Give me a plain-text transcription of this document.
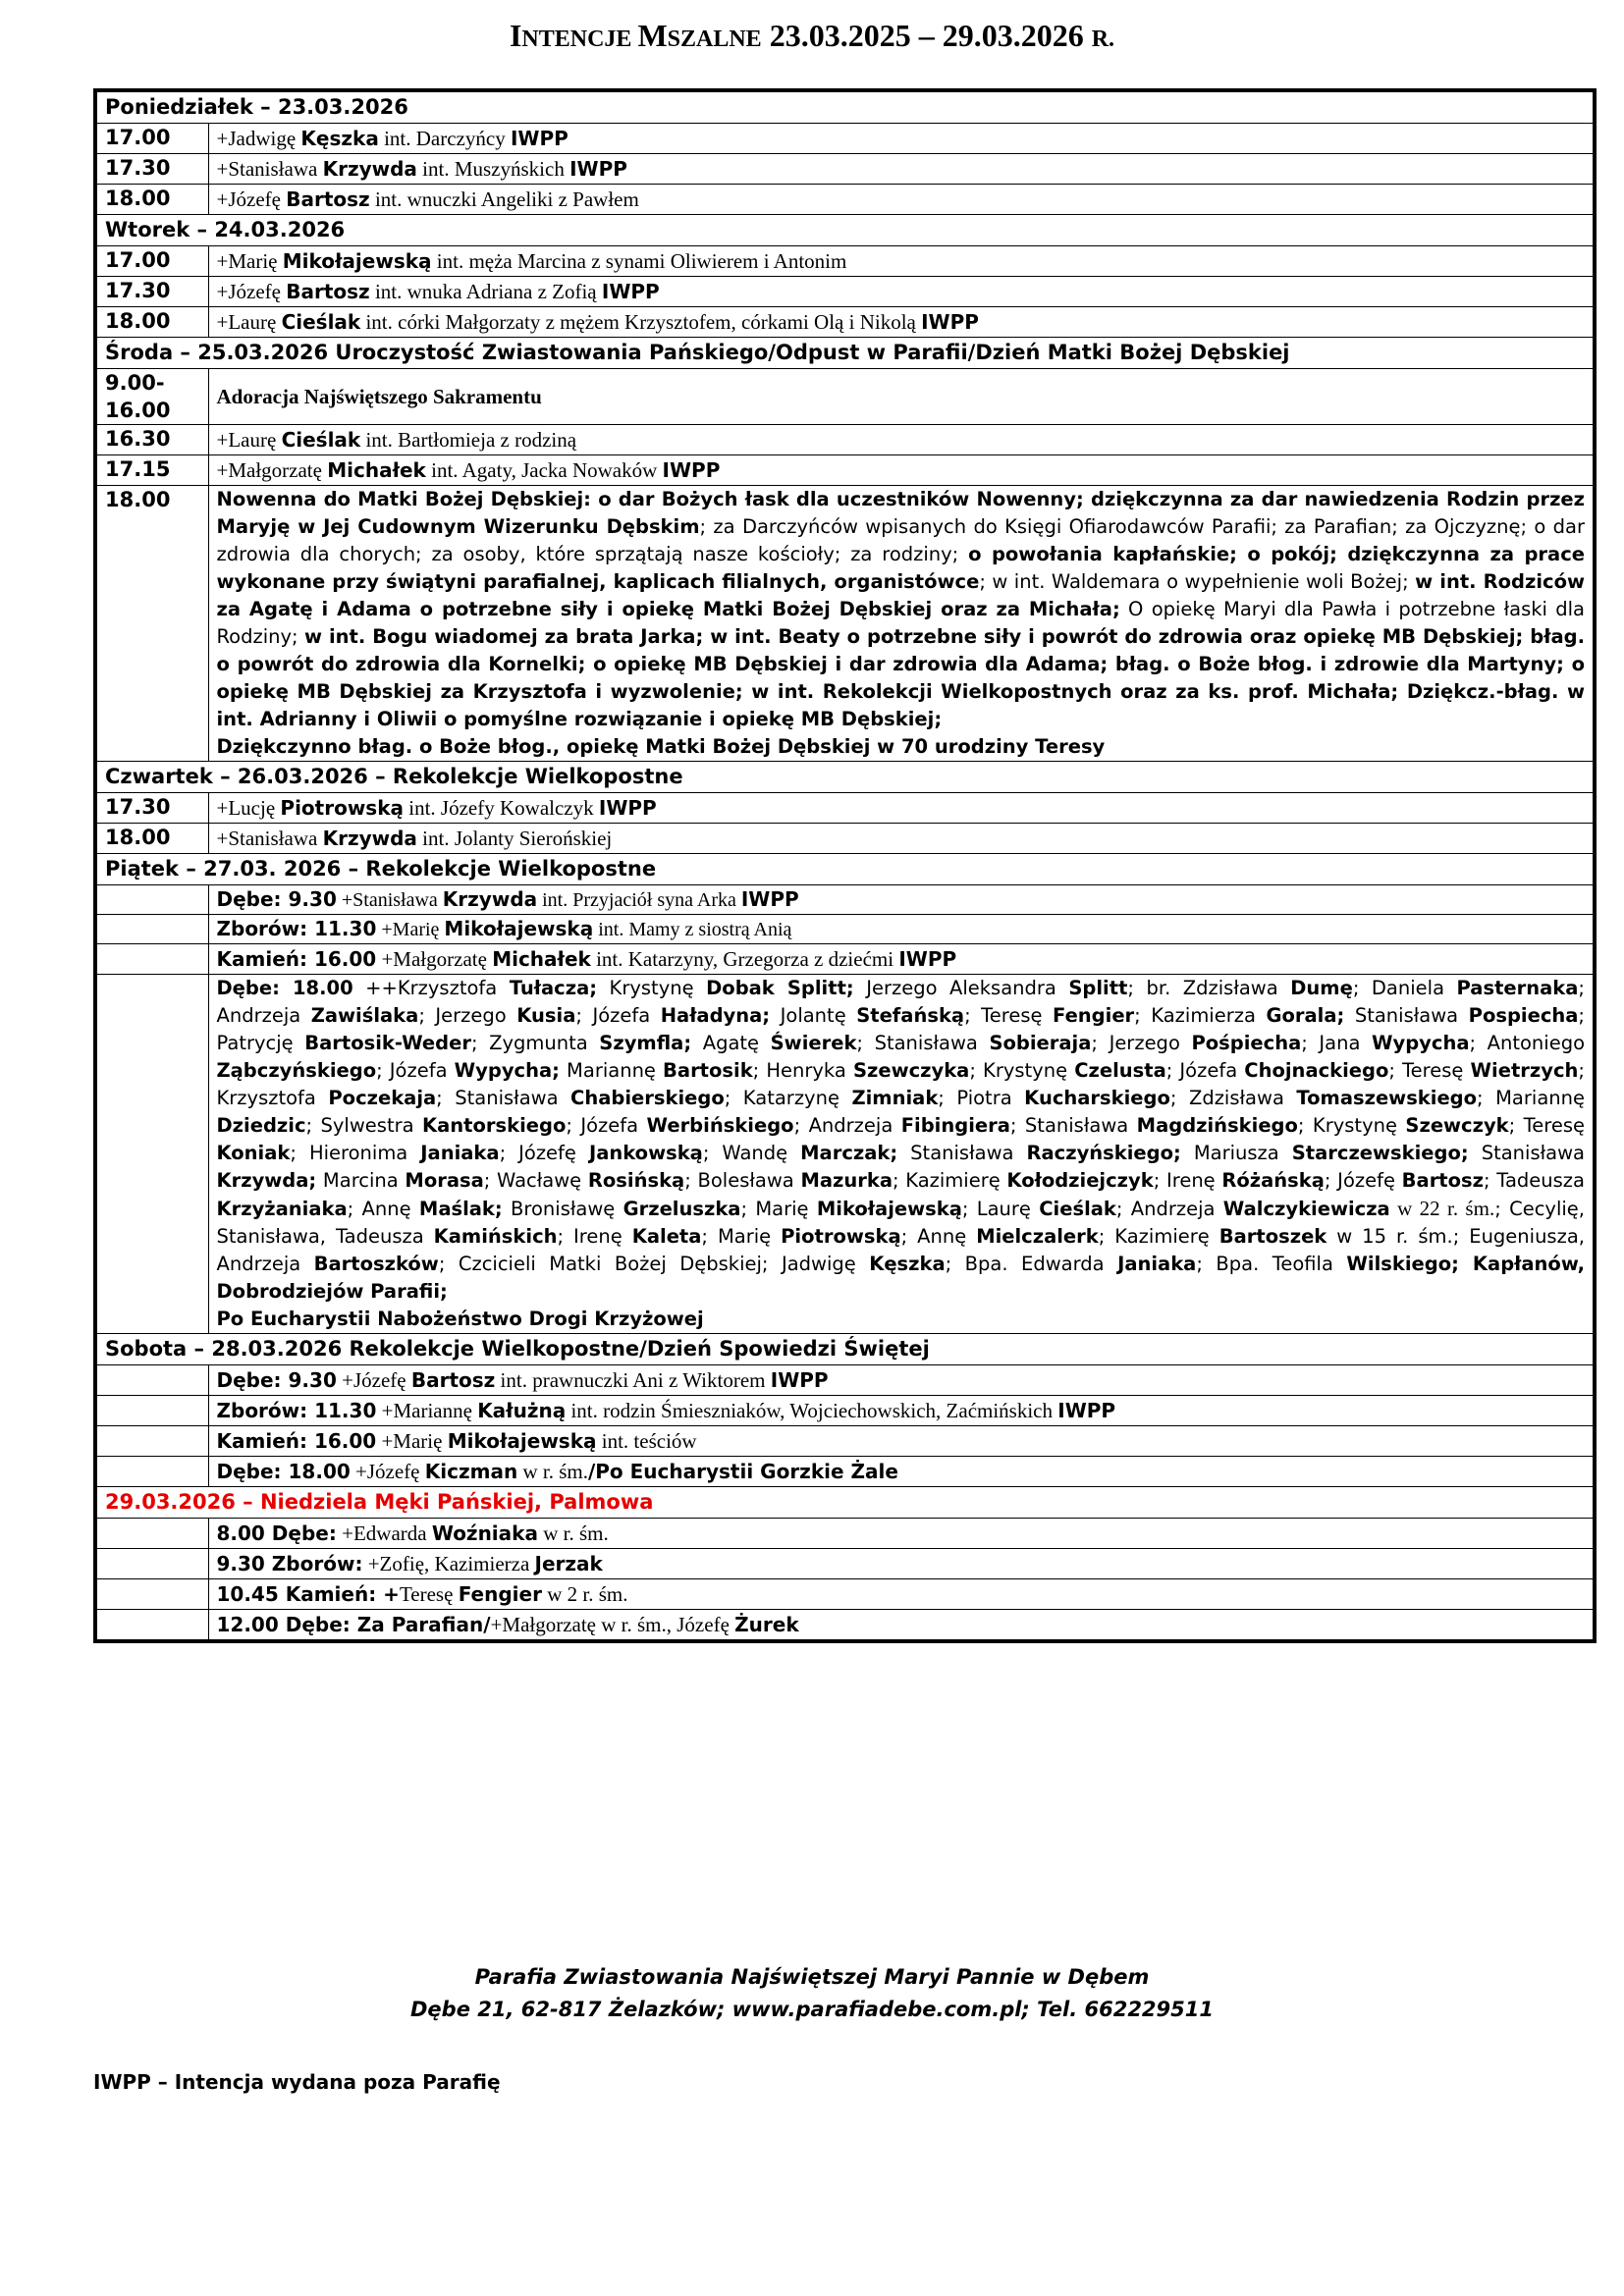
INTENCJE MSZALNE 23.03.2025 – 29.03.2026 R.
Poniedziałek – 23.03.2026	
17.00	+Jadwigę Kęszka int. Darczyńcy IWPP
17.30	+Stanisława Krzywda int. Muszyńskich IWPP
18.00	+Józefę Bartosz int. wnuczki Angeliki z Pawłem
Wtorek – 24.03.2026	
17.00	+Marię Mikołajewską int. męża Marcina z synami Oliwierem i Antonim
17.30	+Józefę Bartosz int. wnuka Adriana z Zofią IWPP
18.00	+Laurę Cieślak int. córki Małgorzaty z mężem Krzysztofem, córkami Olą i Nikolą IWPP
Środa – 25.03.2026 Uroczystość Zwiastowania Pańskiego/Odpust w Parafii/Dzień Matki Bożej Dębskiej	
9.00-16.00	Adoracja Najświętszego Sakramentu
16.30	+Laurę Cieślak int. Bartłomieja z rodziną
17.15	+Małgorzatę Michałek int. Agaty, Jacka Nowaków IWPP
18.00	Nowenna do Matki Bożej Dębskiej: o dar Bożych łask dla uczestników Nowenny; dziękczynna za dar nawiedzenia Rodzin przez Maryję w Jej Cudownym Wizerunku Dębskim; za Darczyńców wpisanych do Księgi Ofiarodawców Parafii; za Parafian; za Ojczyznę; o dar zdrowia dla chorych; za osoby, które sprzątają nasze kościoły; za rodziny; o powołania kapłańskie; o pokój; dziękczynna za prace wykonane przy świątyni parafialnej, kaplicach filialnych, organistówce; w int. Waldemara o wypełnienie woli Bożej; w int. Rodziców za Agatę i Adama o potrzebne siły i opiekę Matki Bożej Dębskiej oraz za Michała; O opiekę Maryi dla Pawła i potrzebne łaski dla Rodziny; w int. Bogu wiadomej za brata Jarka; w int. Beaty o potrzebne siły i powrót do zdrowia oraz opiekę MB Dębskiej; błag. o powrót do zdrowia dla Kornelki; o opiekę MB Dębskiej i dar zdrowia dla Adama; błag. o Boże błog. i zdrowie dla Martyny; o opiekę MB Dębskiej za Krzysztofa i wyzwolenie; w int. Rekolekcji Wielkopostnych oraz za ks. prof. Michała; Dziękcz.-błag. w int. Adrianny i Oliwii o pomyślne rozwiązanie i opiekę MB Dębskiej;
Dziękczynno błag. o Boże błog., opiekę Matki Bożej Dębskiej w 70 urodziny Teresy

Czwartek – 26.03.2026 – Rekolekcje Wielkopostne	
17.30	+Lucję Piotrowską int. Józefy Kowalczyk IWPP
18.00	+Stanisława Krzywda int. Jolanty Sierońskiej
Piątek – 27.03. 2026 – Rekolekcje Wielkopostne	
	Dębe: 9.30 +Stanisława Krzywda int. Przyjaciół syna Arka IWPP
	Zborów: 11.30 +Marię Mikołajewską int. Mamy z siostrą Anią
	Kamień: 16.00 +Małgorzatę Michałek int. Katarzyny, Grzegorza z dziećmi IWPP
	Dębe: 18.00 ++Krzysztofa Tułacza; Krystynę Dobak Splitt; Jerzego Aleksandra Splitt; br. Zdzisława Dumę; Daniela Pasternaka; Andrzeja Zawiślaka; Jerzego Kusia; Józefa Haładyna; Jolantę Stefańską; Teresę Fengier; Kazimierza Gorala; Stanisława Pospiecha; Patrycję Bartosik-Weder; Zygmunta Szymfla; Agatę Świerek; Stanisława Sobieraja; Jerzego Pośpiecha; Jana Wypycha; Antoniego Ząbczyńskiego; Józefa Wypycha; Mariannę Bartosik; Henryka Szewczyka; Krystynę Czelusta; Józefa Chojnackiego; Teresę Wietrzych; Krzysztofa Poczekaja; Stanisława Chabierskiego; Katarzynę Zimniak; Piotra Kucharskiego; Zdzisława Tomaszewskiego; Mariannę Dziedzic; Sylwestra Kantorskiego; Józefa Werbińskiego; Andrzeja Fibingiera; Stanisława Magdzińskiego; Krystynę Szewczyk; Teresę Koniak; Hieronima Janiaka; Józefę Jankowską; Wandę Marczak; Stanisława Raczyńskiego; Mariusza Starczewskiego; Stanisława Krzywda; Marcina Morasa; Wacławę Rosińską; Bolesława Mazurka; Kazimierę Kołodziejczyk; Irenę Różańską; Józefę Bartosz; Tadeusza Krzyżaniaka; Annę Maślak; Bronisławę Grzeluszka; Marię Mikołajewską; Laurę Cieślak; Andrzeja Walczykiewicza w 22 r. śm.; Cecylię, Stanisława, Tadeusza Kamińskich; Irenę Kaleta; Marię Piotrowską; Annę Mielczalerk; Kazimierę Bartoszek w 15 r. śm.; Eugeniusza, Andrzeja Bartoszków; Czcicieli Matki Bożej Dębskiej; Jadwigę Kęszka; Bpa. Edwarda Janiaka; Bpa. Teofila Wilskiego; Kapłanów, Dobrodziejów Parafii;
Po Eucharystii Nabożeństwo Drogi Krzyżowej

Sobota – 28.03.2026 Rekolekcje Wielkopostne/Dzień Spowiedzi Świętej	
	Dębe: 9.30 +Józefę Bartosz int. prawnuczki Ani z Wiktorem IWPP
	Zborów: 11.30 +Mariannę Kałużną int. rodzin Śmieszniaków, Wojciechowskich, Zaćmińskich IWPP
	Kamień: 16.00 +Marię Mikołajewską int. teściów
	Dębe: 18.00 +Józefę Kiczman w r. śm./Po Eucharystii Gorzkie Żale
29.03.2026 – Niedziela Męki Pańskiej, Palmowa	
	8.00 Dębe: +Edwarda Woźniaka w r. śm.
	9.30 Zborów: +Zofię, Kazimierza Jerzak
	10.45 Kamień: +Teresę Fengier w 2 r. śm.
	12.00 Dębe: Za Parafian/+Małgorzatę w r. śm., Józefę Żurek
Parafia Zwiastowania Najświętszej Maryi Pannie w Dębem
Dębe 21, 62-817 Żelazków; www.parafiadebe.com.pl; Tel. 662229511
IWPP – Intencja wydana poza Parafię
